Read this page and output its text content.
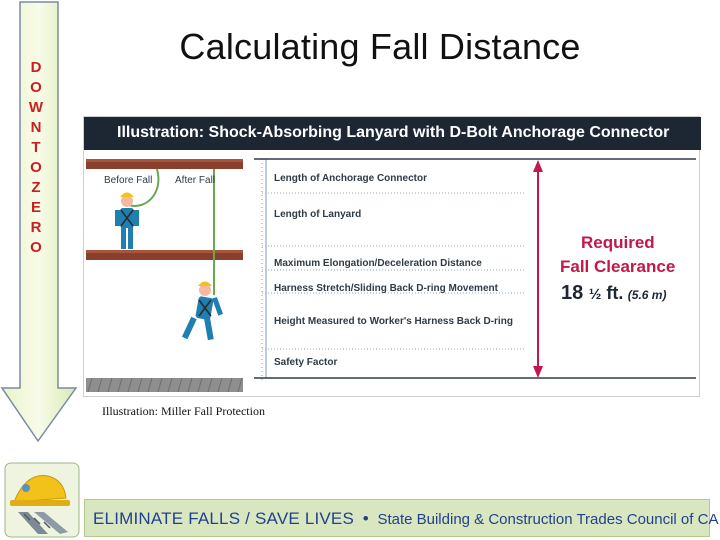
D
O
W
N
T
O
Z
E
R
O
Calculating Fall Distance
Illustration: Shock-Absorbing Lanyard with D-Bolt Anchorage Connector
Before Fall After Fall	Length of Anchorage Connector
Length of Lanyard
Maximum Elongation/Deceleration Distance
Harness Stretch/Sliding Back D-ring Movement
Height Measured to Worker's Harness Back D-ring
Safety Factor
Required
Fall Clearance
18 ½ ft. (5.6 m)
Illustration: Miller Fall Protection
ELIMINATE FALLS / SAVE LIVES • State Building & Construction Trades Council of CA
